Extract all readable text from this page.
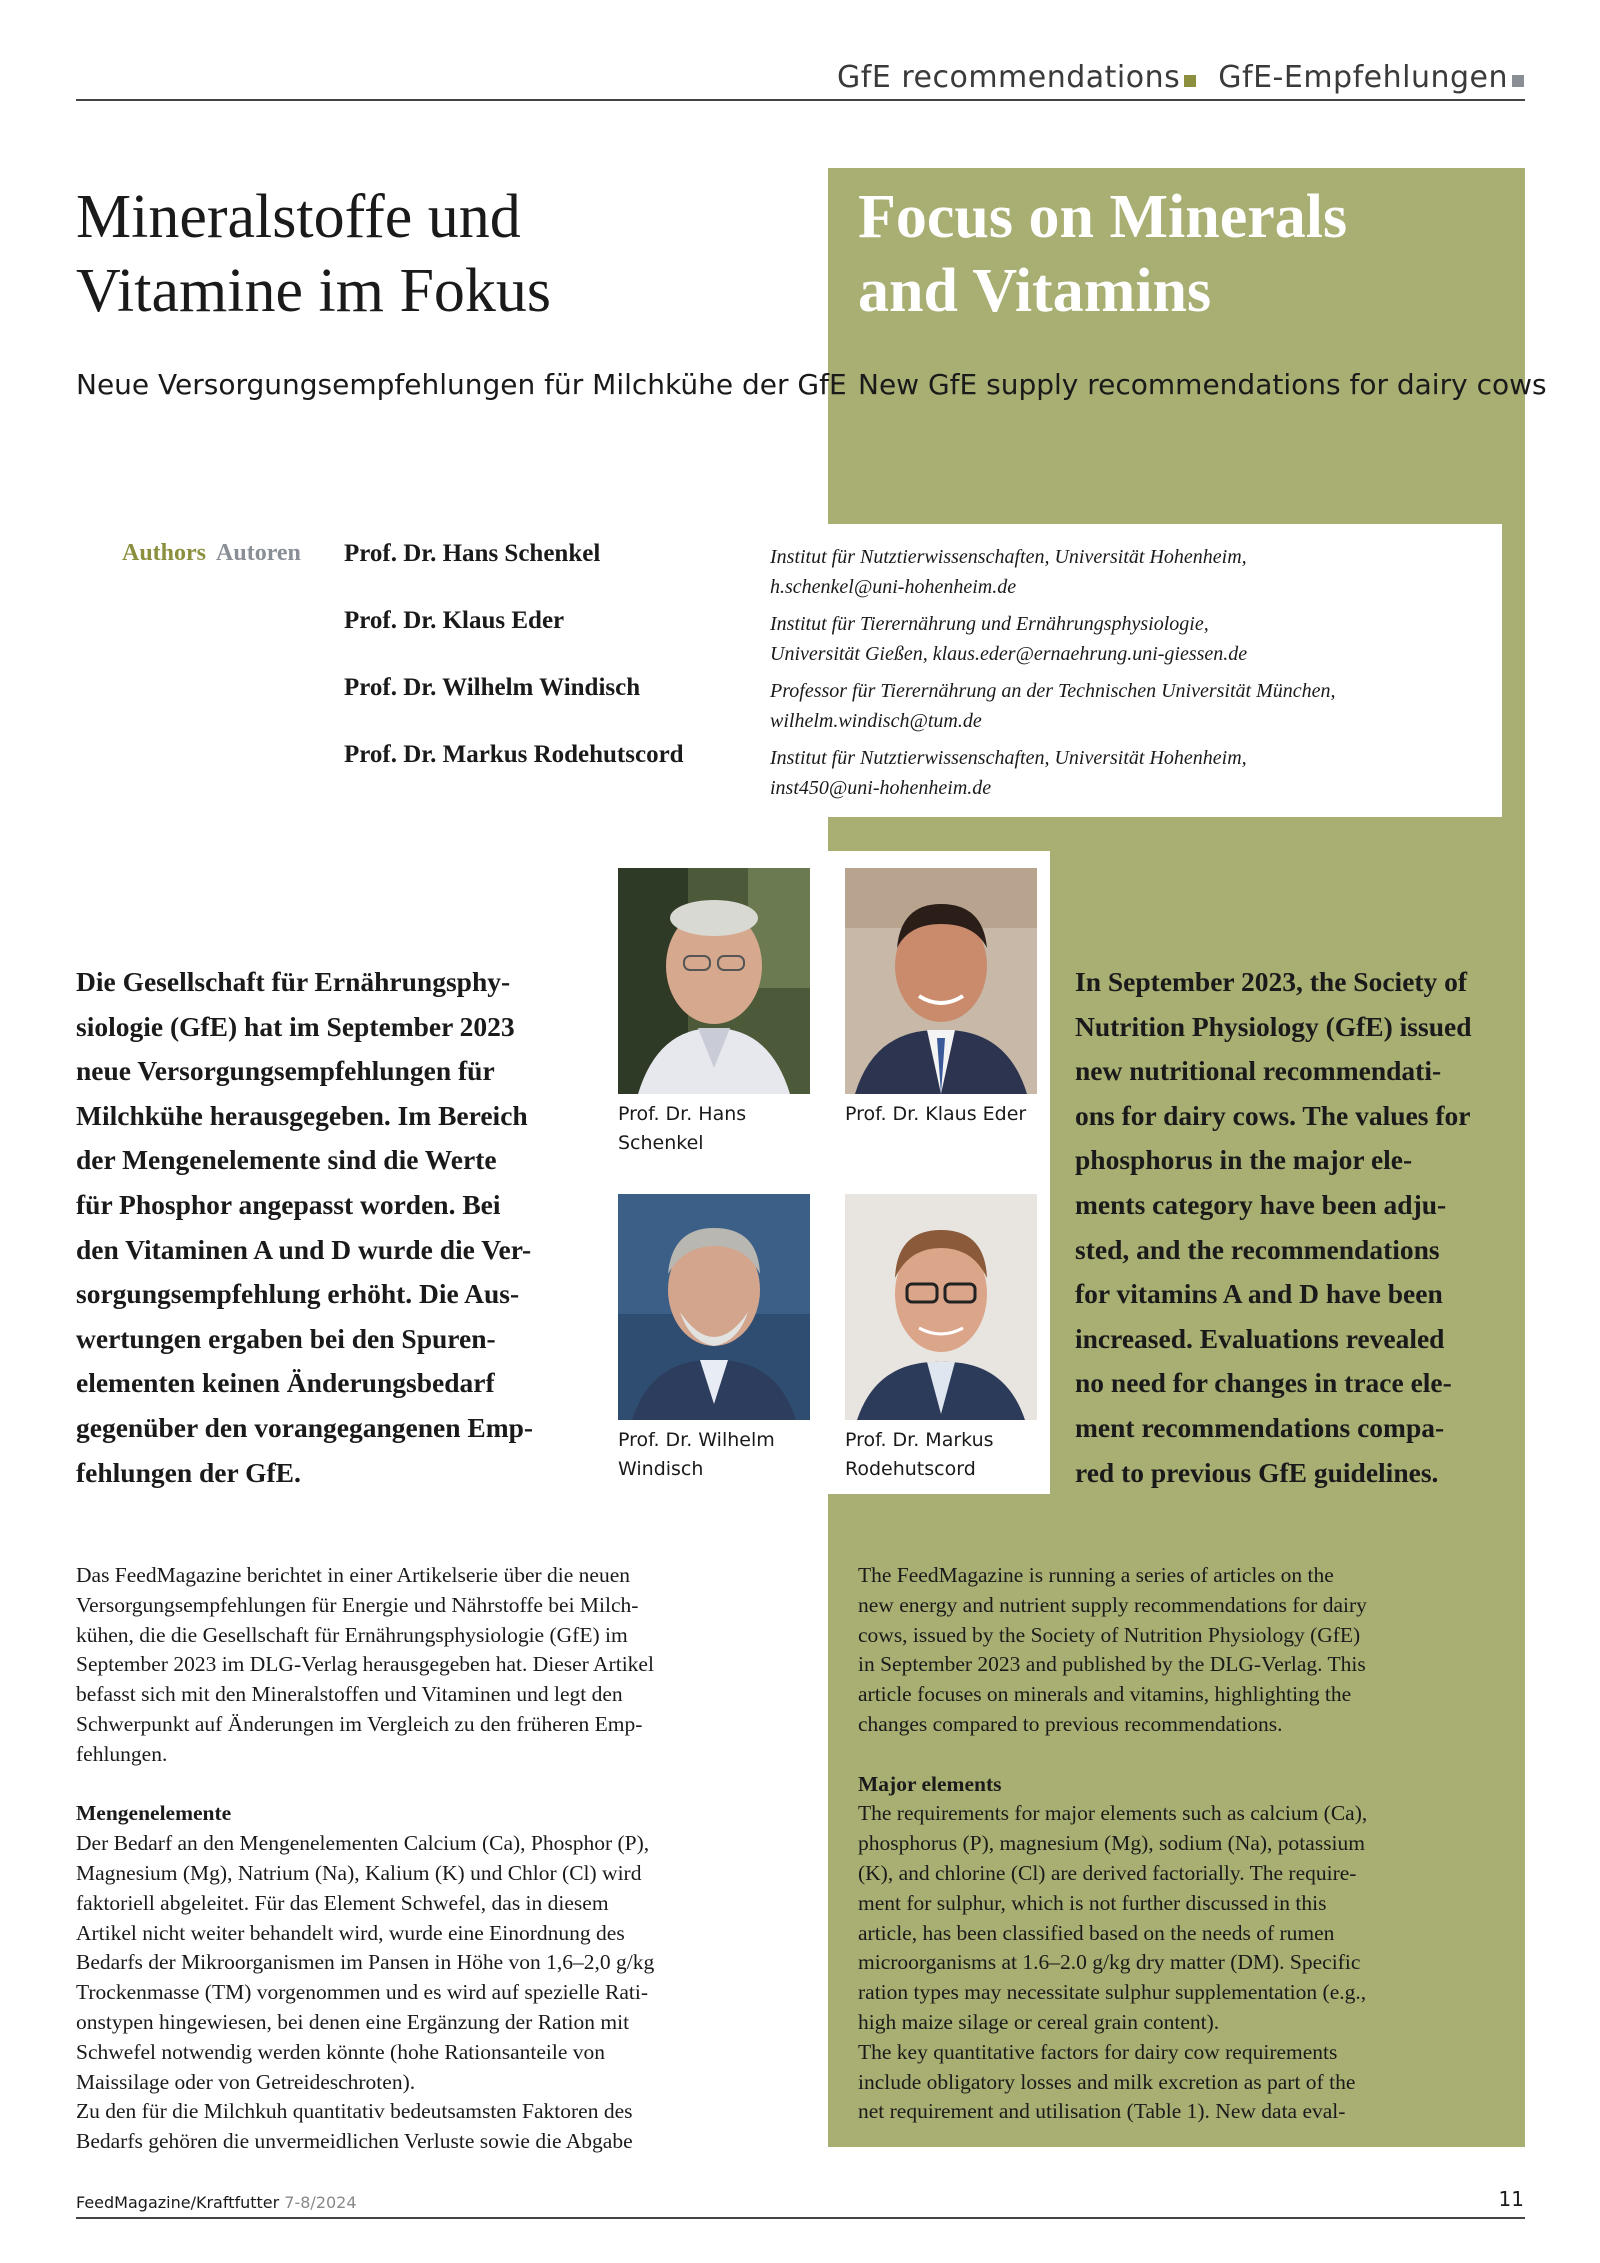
GfE recommendations GfE-Empfehlungen
Mineralstoffe und
Vitamine im Fokus
Neue Versorgungsempfehlungen für Milchkühe der GfE
Focus on Minerals
and Vitamins
New GfE supply recommendations for dairy cows
Authors Autoren Prof. Dr. Hans Schenkel	Institut für Nutztierwissenschaften, Universität Hohenheim,
h.schenkel@uni-hohenheim.de
Prof. Dr. Klaus Eder	Institut für Tierernährung und Ernährungsphysiologie,
Universität Gießen, klaus.eder@ernaehrung.uni-giessen.de
Prof. Dr. Wilhelm Windisch	Professor für Tierernährung an der Technischen Universität München,
wilhelm.windisch@tum.de
Prof. Dr. Markus Rodehutscord	Institut für Nutztierwissenschaften, Universität Hohenheim,
inst450@uni-hohenheim.de
Prof. Dr. Hans
Schenkel
Prof. Dr. Klaus Eder
Prof. Dr. Wilhelm
Windisch
Prof. Dr. Markus
Rodehutscord
Die Gesellschaft für Ernährungsphy-
siologie (GfE) hat im September 2023
neue Versorgungsempfehlungen für
Milchkühe herausgegeben. Im Bereich
der Mengenelemente sind die Werte
für Phosphor angepasst worden. Bei
den Vitaminen A und D wurde die Ver-
sorgungsempfehlung erhöht. Die Aus-
wertungen ergaben bei den Spuren-
elementen keinen Änderungsbedarf
gegenüber den vorangegangenen Emp-
fehlungen der GfE.
In September 2023, the Society of
Nutrition Physiology (GfE) issued
new nutritional recommendati-
ons for dairy cows. The values for
phosphorus in the major ele-
ments category have been adju-
sted, and the recommendations
for vitamins A and D have been
increased. Evaluations revealed
no need for changes in trace ele-
ment recommendations compa-
red to previous GfE guidelines.
Das FeedMagazine berichtet in einer Artikelserie über die neuen
Versorgungsempfehlungen für Energie und Nährstoffe bei Milch-
kühen, die die Gesellschaft für Ernährungsphysiologie (GfE) im
September 2023 im DLG-Verlag herausgegeben hat. Dieser Artikel
befasst sich mit den Mineralstoffen und Vitaminen und legt den
Schwerpunkt auf Änderungen im Vergleich zu den früheren Emp-
fehlungen.
Mengenelemente
Der Bedarf an den Mengenelementen Calcium (Ca), Phosphor (P),
Magnesium (Mg), Natrium (Na), Kalium (K) und Chlor (Cl) wird
faktoriell abgeleitet. Für das Element Schwefel, das in diesem
Artikel nicht weiter behandelt wird, wurde eine Einordnung des
Bedarfs der Mikroorganismen im Pansen in Höhe von 1,6–2,0 g/kg
Trockenmasse (TM) vorgenommen und es wird auf spezielle Rati-
onstypen hingewiesen, bei denen eine Ergänzung der Ration mit
Schwefel notwendig werden könnte (hohe Rationsanteile von
Maissilage oder von Getreideschroten).
Zu den für die Milchkuh quantitativ bedeutsamsten Faktoren des
Bedarfs gehören die unvermeidlichen Verluste sowie die Abgabe
The FeedMagazine is running a series of articles on the
new energy and nutrient supply recommendations for dairy
cows, issued by the Society of Nutrition Physiology (GfE)
in September 2023 and published by the DLG-Verlag. This
article focuses on minerals and vitamins, highlighting the
changes compared to previous recommendations.
Major elements
The requirements for major elements such as calcium (Ca),
phosphorus (P), magnesium (Mg), sodium (Na), potassium
(K), and chlorine (Cl) are derived factorially. The require-
ment for sulphur, which is not further discussed in this
article, has been classified based on the needs of rumen
microorganisms at 1.6–2.0 g/kg dry matter (DM). Specific
ration types may necessitate sulphur supplementation (e.g.,
high maize silage or cereal grain content).
The key quantitative factors for dairy cow requirements
include obligatory losses and milk excretion as part of the
net requirement and utilisation (Table 1). New data eval-
FeedMagazine/Kraftfutter 7-8/2024	11
